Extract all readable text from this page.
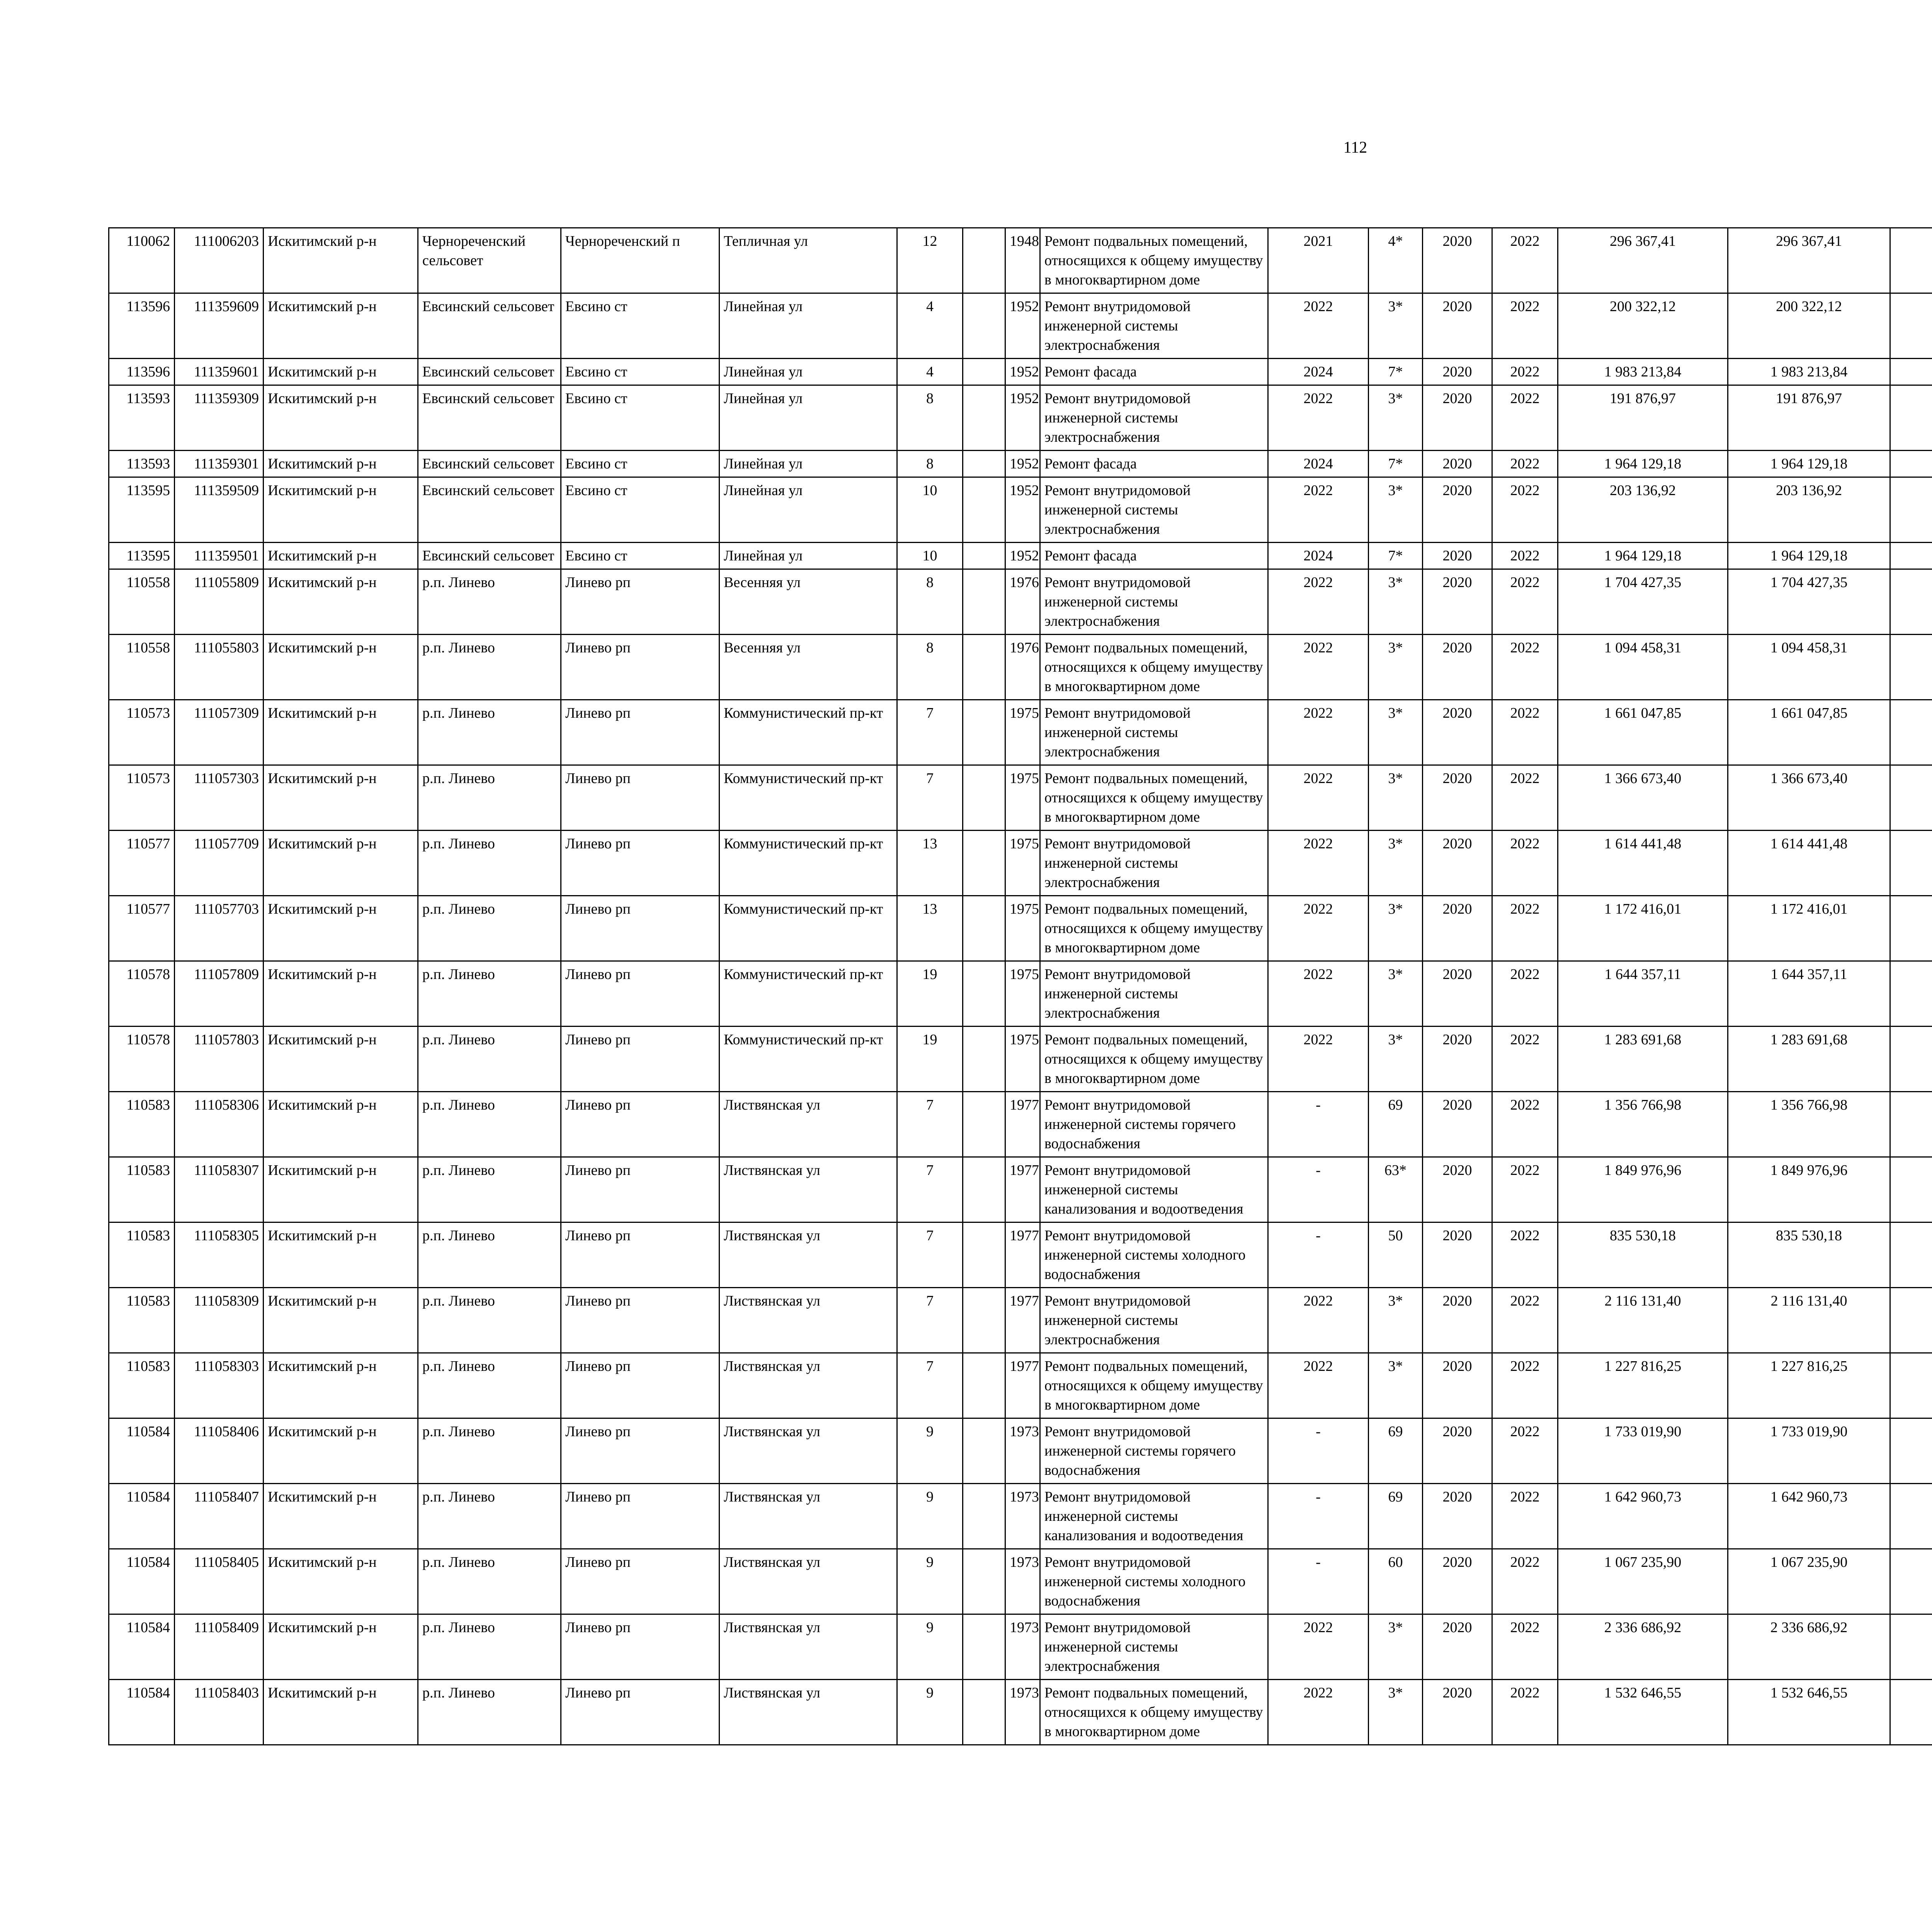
112
110062	111006203	Искитимский р-н	Чернореченский сельсовет	Чернореченский п	Тепличная ул	12		1948	Ремонт подвальных помещений, относящихся к общему имуществу в многоквартирном доме	2021	4*	2020	2022	296 367,41	296 367,41						
113596	111359609	Искитимский р-н	Евсинский сельсовет	Евсино ст	Линейная ул	4		1952	Ремонт внутридомовой инженерной системы электроснабжения	2022	3*	2020	2022	200 322,12	200 322,12						
113596	111359601	Искитимский р-н	Евсинский сельсовет	Евсино ст	Линейная ул	4		1952	Ремонт фасада	2024	7*	2020	2022	1 983 213,84	1 983 213,84						
113593	111359309	Искитимский р-н	Евсинский сельсовет	Евсино ст	Линейная ул	8		1952	Ремонт внутридомовой инженерной системы электроснабжения	2022	3*	2020	2022	191 876,97	191 876,97						
113593	111359301	Искитимский р-н	Евсинский сельсовет	Евсино ст	Линейная ул	8		1952	Ремонт фасада	2024	7*	2020	2022	1 964 129,18	1 964 129,18						
113595	111359509	Искитимский р-н	Евсинский сельсовет	Евсино ст	Линейная ул	10		1952	Ремонт внутридомовой инженерной системы электроснабжения	2022	3*	2020	2022	203 136,92	203 136,92						
113595	111359501	Искитимский р-н	Евсинский сельсовет	Евсино ст	Линейная ул	10		1952	Ремонт фасада	2024	7*	2020	2022	1 964 129,18	1 964 129,18						
110558	111055809	Искитимский р-н	р.п. Линево	Линево рп	Весенняя ул	8		1976	Ремонт внутридомовой инженерной системы электроснабжения	2022	3*	2020	2022	1 704 427,35	1 704 427,35						
110558	111055803	Искитимский р-н	р.п. Линево	Линево рп	Весенняя ул	8		1976	Ремонт подвальных помещений, относящихся к общему имуществу в многоквартирном доме	2022	3*	2020	2022	1 094 458,31	1 094 458,31						
110573	111057309	Искитимский р-н	р.п. Линево	Линево рп	Коммунистический пр-кт	7		1975	Ремонт внутридомовой инженерной системы электроснабжения	2022	3*	2020	2022	1 661 047,85	1 661 047,85						
110573	111057303	Искитимский р-н	р.п. Линево	Линево рп	Коммунистический пр-кт	7		1975	Ремонт подвальных помещений, относящихся к общему имуществу в многоквартирном доме	2022	3*	2020	2022	1 366 673,40	1 366 673,40						
110577	111057709	Искитимский р-н	р.п. Линево	Линево рп	Коммунистический пр-кт	13		1975	Ремонт внутридомовой инженерной системы электроснабжения	2022	3*	2020	2022	1 614 441,48	1 614 441,48						
110577	111057703	Искитимский р-н	р.п. Линево	Линево рп	Коммунистический пр-кт	13		1975	Ремонт подвальных помещений, относящихся к общему имуществу в многоквартирном доме	2022	3*	2020	2022	1 172 416,01	1 172 416,01						
110578	111057809	Искитимский р-н	р.п. Линево	Линево рп	Коммунистический пр-кт	19		1975	Ремонт внутридомовой инженерной системы электроснабжения	2022	3*	2020	2022	1 644 357,11	1 644 357,11						
110578	111057803	Искитимский р-н	р.п. Линево	Линево рп	Коммунистический пр-кт	19		1975	Ремонт подвальных помещений, относящихся к общему имуществу в многоквартирном доме	2022	3*	2020	2022	1 283 691,68	1 283 691,68						
110583	111058306	Искитимский р-н	р.п. Линево	Линево рп	Листвянская ул	7		1977	Ремонт внутридомовой инженерной системы горячего водоснабжения	-	69	2020	2022	1 356 766,98	1 356 766,98						
110583	111058307	Искитимский р-н	р.п. Линево	Линево рп	Листвянская ул	7		1977	Ремонт внутридомовой инженерной системы канализования и водоотведения	-	63*	2020	2022	1 849 976,96	1 849 976,96						
110583	111058305	Искитимский р-н	р.п. Линево	Линево рп	Листвянская ул	7		1977	Ремонт внутридомовой инженерной системы холодного водоснабжения	-	50	2020	2022	835 530,18	835 530,18						
110583	111058309	Искитимский р-н	р.п. Линево	Линево рп	Листвянская ул	7		1977	Ремонт внутридомовой инженерной системы электроснабжения	2022	3*	2020	2022	2 116 131,40	2 116 131,40						
110583	111058303	Искитимский р-н	р.п. Линево	Линево рп	Листвянская ул	7		1977	Ремонт подвальных помещений, относящихся к общему имуществу в многоквартирном доме	2022	3*	2020	2022	1 227 816,25	1 227 816,25						
110584	111058406	Искитимский р-н	р.п. Линево	Линево рп	Листвянская ул	9		1973	Ремонт внутридомовой инженерной системы горячего водоснабжения	-	69	2020	2022	1 733 019,90	1 733 019,90						
110584	111058407	Искитимский р-н	р.п. Линево	Линево рп	Листвянская ул	9		1973	Ремонт внутридомовой инженерной системы канализования и водоотведения	-	69	2020	2022	1 642 960,73	1 642 960,73						
110584	111058405	Искитимский р-н	р.п. Линево	Линево рп	Листвянская ул	9		1973	Ремонт внутридомовой инженерной системы холодного водоснабжения	-	60	2020	2022	1 067 235,90	1 067 235,90						
110584	111058409	Искитимский р-н	р.п. Линево	Линево рп	Листвянская ул	9		1973	Ремонт внутридомовой инженерной системы электроснабжения	2022	3*	2020	2022	2 336 686,92	2 336 686,92						
110584	111058403	Искитимский р-н	р.п. Линево	Линево рп	Листвянская ул	9		1973	Ремонт подвальных помещений, относящихся к общему имуществу в многоквартирном доме	2022	3*	2020	2022	1 532 646,55	1 532 646,55						
